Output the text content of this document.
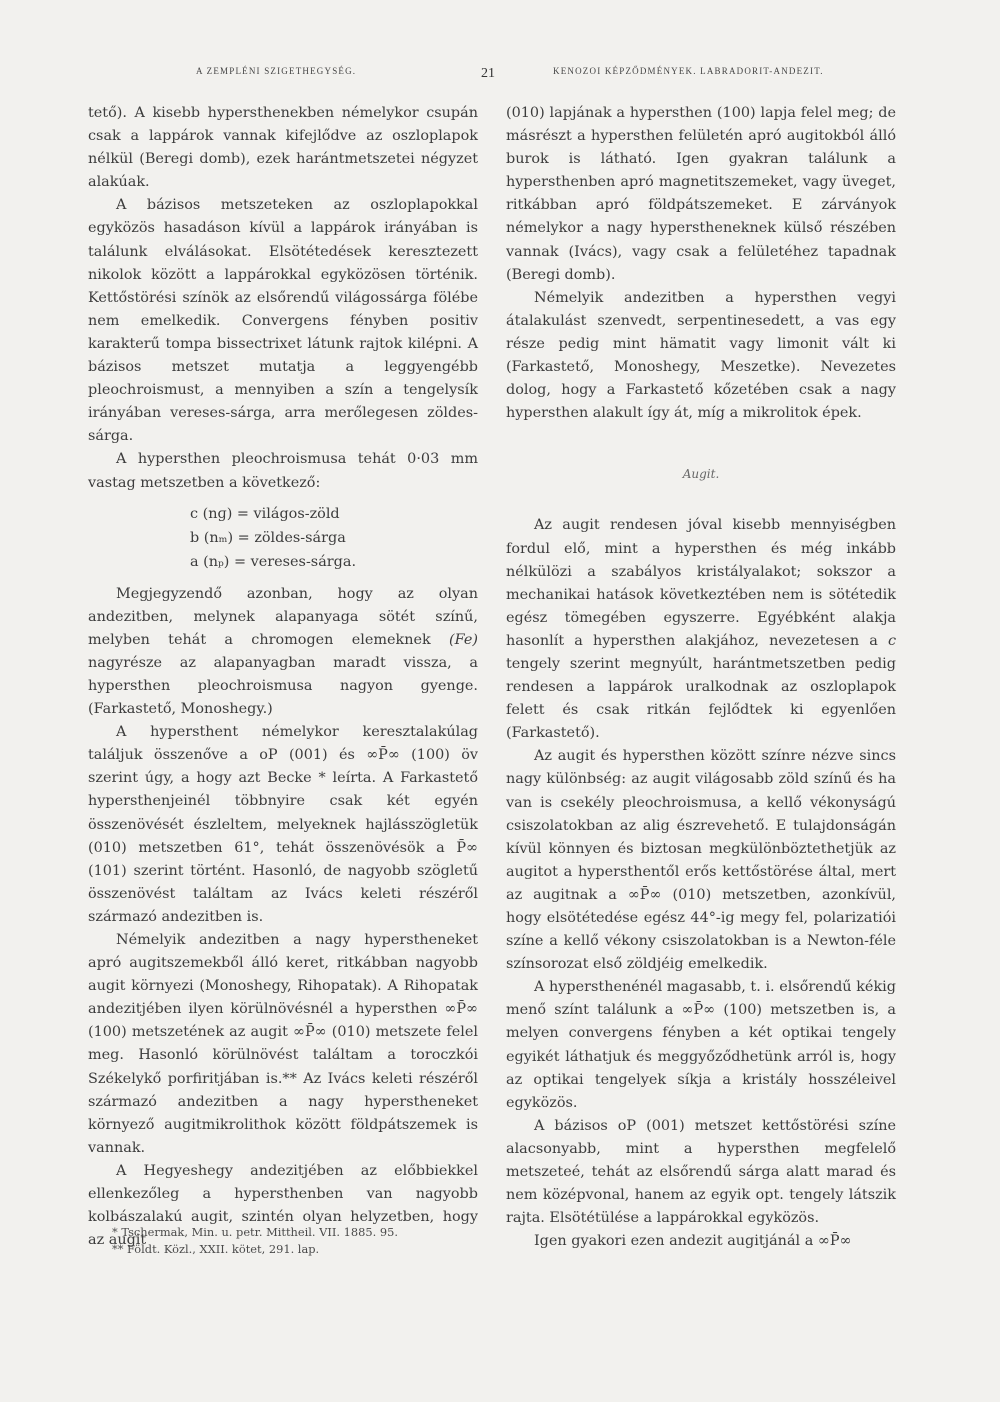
A ZEMPLÉNI SZIGETHEGYSÉG.	21	KENOZOI KÉPZŐDMÉNYEK. LABRADORIT-ANDEZIT.

tető). A kisebb hypersthenekben némelykor csupán csak a lappárok vannak kifejlődve az oszloplapok nélkül (Beregi domb), ezek harántmetszetei négyzet alakúak.

A bázisos metszeteken az oszloplapokkal egyközös hasadáson kívül a lappárok irányában is találunk elválásokat. Elsötétedések keresztezett nikolok között a lappárokkal egyközösen történik. Kettőstörési színök az elsőrendű világossárga fölébe nem emelkedik. Convergens fényben positiv karakterű tompa bissectrixet látunk rajtok kilépni. A bázisos metszet mutatja a leggyengébb pleochroismust, a mennyiben a szín a tengelysík irányában vereses-sárga, arra merőlegesen zöldes-sárga.

A hypersthen pleochroismusa tehát 0·03 mm vastag metszetben a következő:

c (nɡ) = világos-zöld
b (nₘ) = zöldes-sárga
a (nₚ) = vereses-sárga.

Megjegyzendő azonban, hogy az olyan andezitben, melynek alapanyaga sötét színű, melyben tehát a chromogen elemeknek (Fe) nagyrésze az alapanyagban maradt vissza, a hypersthen pleochroismusa nagyon gyenge. (Farkastető, Monoshegy.)

A hypersthent némelykor keresztalakúlag találjuk összenőve a oP (001) és ∞P̄∞ (100) öv szerint úgy, a hogy azt Becke * leírta. A Farkastető hypersthenjeinél többnyire csak két egyén összenövését észleltem, melyeknek hajlásszögletük (010) metszetben 61°, tehát összenövésök a P̄∞ (101) szerint történt. Hasonló, de nagyobb szögletű összenövést találtam az Ivács keleti részéről származó andezitben is.

Némelyik andezitben a nagy hyperstheneket apró augitszemekből álló keret, ritkábban nagyobb augit környezi (Monoshegy, Rihopatak). A Rihopatak andezitjében ilyen körülnövésnél a hypersthen ∞P̄∞ (100) metszetének az augit ∞P̄∞ (010) metszete felel meg. Hasonló körülnövést találtam a toroczkói Székelykő porfiritjában is.** Az Ivács keleti részéről származó andezitben a nagy hyperstheneket környező augitmikrolithok között földpátszemek is vannak.

A Hegyeshegy andezitjében az előbbiekkel ellenkezőleg a hypersthenben van nagyobb kolbászalakú augit, szintén olyan helyzetben, hogy az augit

* Tschermak, Min. u. petr. Mittheil. VII. 1885. 95.
** Földt. Közl., XXII. kötet, 291. lap.

(010) lapjának a hypersthen (100) lapja felel meg; de másrészt a hypersthen felületén apró augitokból álló burok is látható. Igen gyakran találunk a hypersthenben apró magnetitszemeket, vagy üveget, ritkábban apró földpátszemeket. E zárványok némelykor a nagy hyperstheneknek külső részében vannak (Ivács), vagy csak a felületéhez tapadnak (Beregi domb).

Némelyik andezitben a hypersthen vegyi átalakulást szenvedt, serpentinesedett, a vas egy része pedig mint hämatit vagy limonit vált ki (Farkastető, Monoshegy, Meszetke). Nevezetes dolog, hogy a Farkastető kőzetében csak a nagy hypersthen alakult így át, míg a mikrolitok épek.

Augit.

Az augit rendesen jóval kisebb mennyiségben fordul elő, mint a hypersthen és még inkább nélkülözi a szabályos kristályalakot; sokszor a mechanikai hatások következtében nem is sötétedik egész tömegében egyszerre. Egyébként alakja hasonlít a hypersthen alakjához, nevezetesen a c tengely szerint megnyúlt, harántmetszetben pedig rendesen a lappárok uralkodnak az oszloplapok felett és csak ritkán fejlődtek ki egyenlően (Farkastető).

Az augit és hypersthen között színre nézve sincs nagy különbség: az augit világosabb zöld színű és ha van is csekély pleochroismusa, a kellő vékonyságú csiszolatokban az alig észrevehető. E tulajdonságán kívül könnyen és biztosan megkülönböztethetjük az augitot a hypersthentől erős kettőstörése által, mert az augitnak a ∞P̄∞ (010) metszetben, azonkívül, hogy elsötétedése egész 44°-ig megy fel, polarizatiói színe a kellő vékony csiszolatokban is a Newton-féle színsorozat első zöldjéig emelkedik.

A hypersthenénél magasabb, t. i. elsőrendű kékig menő színt találunk a ∞P̄∞ (100) metszetben is, a melyen convergens fényben a két optikai tengely egyikét láthatjuk és meggyőződhetünk arról is, hogy az optikai tengelyek síkja a kristály hosszéleivel egyközös.

A bázisos oP (001) metszet kettőstörési színe alacsonyabb, mint a hypersthen megfelelő metszeteé, tehát az elsőrendű sárga alatt marad és nem középvonal, hanem az egyik opt. tengely látszik rajta. Elsötétülése a lappárokkal egyközös.

Igen gyakori ezen andezit augitjánál a ∞P̄∞
